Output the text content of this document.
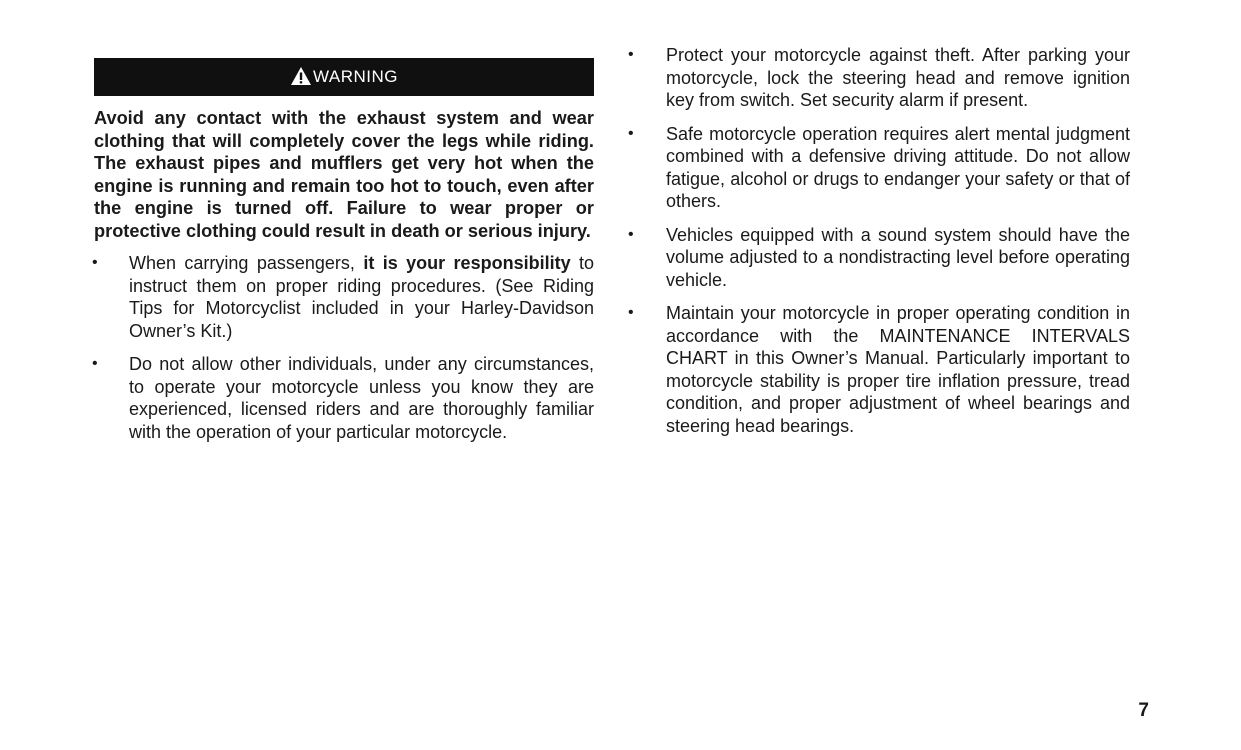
WARNING

Avoid any contact with the exhaust system and wear clothing that will completely cover the legs while riding. The exhaust pipes and mufflers get very hot when the engine is running and remain too hot to touch, even after the engine is turned off. Failure to wear proper or protective clothing could result in death or serious injury.

•	When carrying passengers, it is your responsibility to instruct them on proper riding procedures. (See Riding Tips for Motorcyclist included in your Harley-Davidson Owner’s Kit.)
•	Do not allow other individuals, under any circumstances, to operate your motorcycle unless you know they are experienced, licensed riders and are thoroughly familiar with the operation of your particular motorcycle.
•	Protect your motorcycle against theft. After parking your motorcycle, lock the steering head and remove ignition key from switch. Set security alarm if present.
•	Safe motorcycle operation requires alert mental judgment combined with a defensive driving attitude. Do not allow fatigue, alcohol or drugs to endanger your safety or that of others.
•	Vehicles equipped with a sound system should have the volume adjusted to a nondistracting level before operating vehicle.
•	Maintain your motorcycle in proper operating condition in accordance with the MAINTENANCE INTERVALS CHART in this Owner’s Manual. Particularly important to motorcycle stability is proper tire inflation pressure, tread condition, and proper adjustment of wheel bearings and steering head bearings.
7
